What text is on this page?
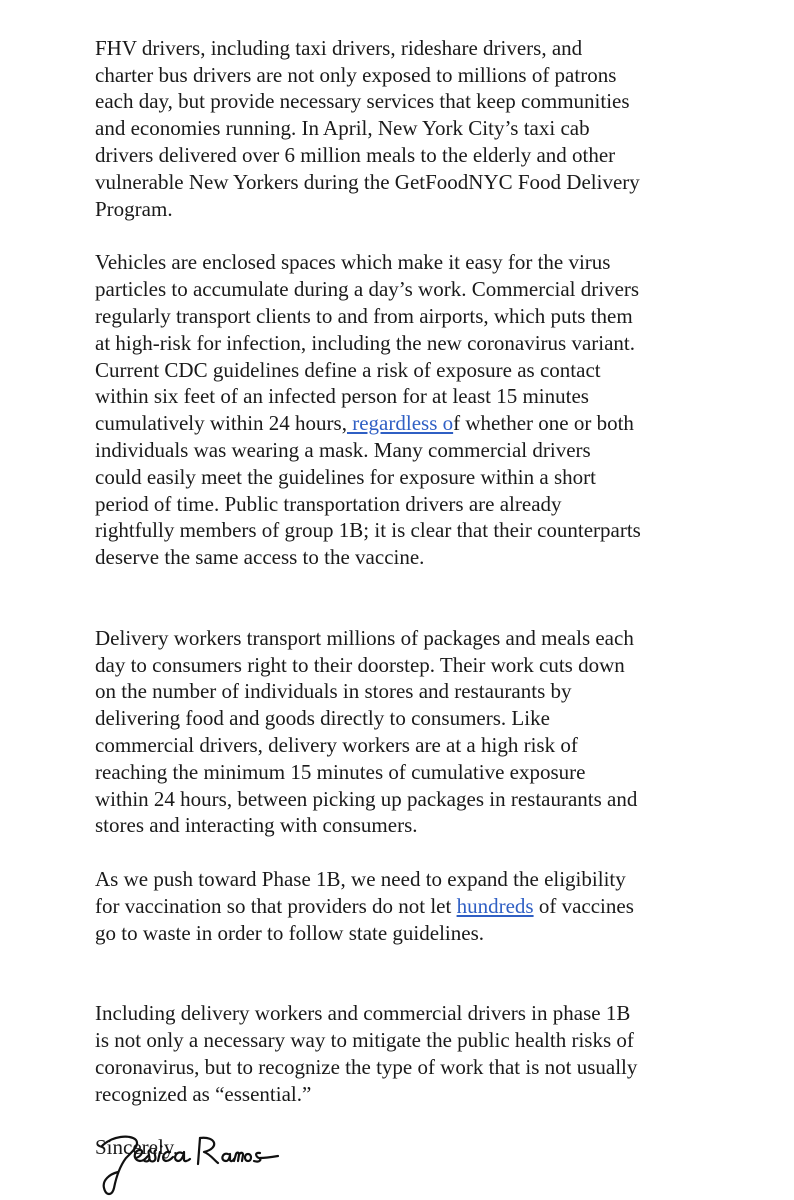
FHV drivers, including taxi drivers, rideshare drivers, and
charter bus drivers are not only exposed to millions of patrons
each day, but provide necessary services that keep communities
and economies running. In April, New York City’s taxi cab
drivers delivered over 6 million meals to the elderly and other
vulnerable New Yorkers during the GetFoodNYC Food Delivery
Program.

Vehicles are enclosed spaces which make it easy for the virus
particles to accumulate during a day’s work. Commercial drivers
regularly transport clients to and from airports, which puts them
at high-risk for infection, including the new coronavirus variant.
Current CDC guidelines define a risk of exposure as contact
within six feet of an infected person for at least 15 minutes
cumulatively within 24 hours, regardless of whether one or both
individuals was wearing a mask. Many commercial drivers
could easily meet the guidelines for exposure within a short
period of time. Public transportation drivers are already
rightfully members of group 1B; it is clear that their counterparts
deserve the same access to the vaccine.

Delivery workers transport millions of packages and meals each
day to consumers right to their doorstep. Their work cuts down
on the number of individuals in stores and restaurants by
delivering food and goods directly to consumers. Like
commercial drivers, delivery workers are at a high risk of
reaching the minimum 15 minutes of cumulative exposure
within 24 hours, between picking up packages in restaurants and
stores and interacting with consumers.

As we push toward Phase 1B, we need to expand the eligibility
for vaccination so that providers do not let hundreds of vaccines
go to waste in order to follow state guidelines.

Including delivery workers and commercial drivers in phase 1B
is not only a necessary way to mitigate the public health risks of
coronavirus, but to recognize the type of work that is not usually
recognized as “essential.”

Sincerely,
